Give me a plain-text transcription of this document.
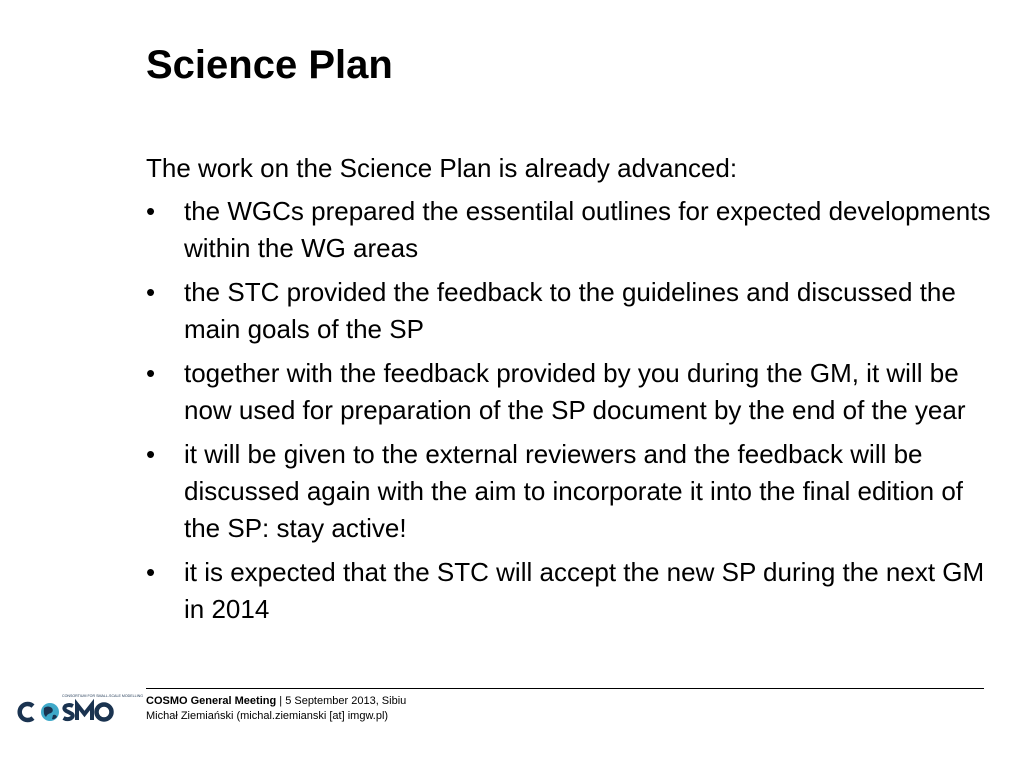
Science Plan

The work on the Science Plan is already advanced:

• the WGCs prepared the essentilal outlines for expected developments within the WG areas
• the STC provided the feedback to the guidelines and discussed the main goals of the SP
• together with the feedback provided by you during the GM, it will be now used for preparation of the SP document by the end of the year
• it will be given to the external reviewers and the feedback will be discussed again with the aim to incorporate it into the final edition of the SP: stay active!
• it is expected that the STC will accept the new SP during the next GM in 2014
CONSORTIUM FOR SMALL-SCALE MODELLING COSMO General Meeting | 5 September 2013, Sibiu
Michał Ziemiański (michal.ziemianski [at] imgw.pl)
